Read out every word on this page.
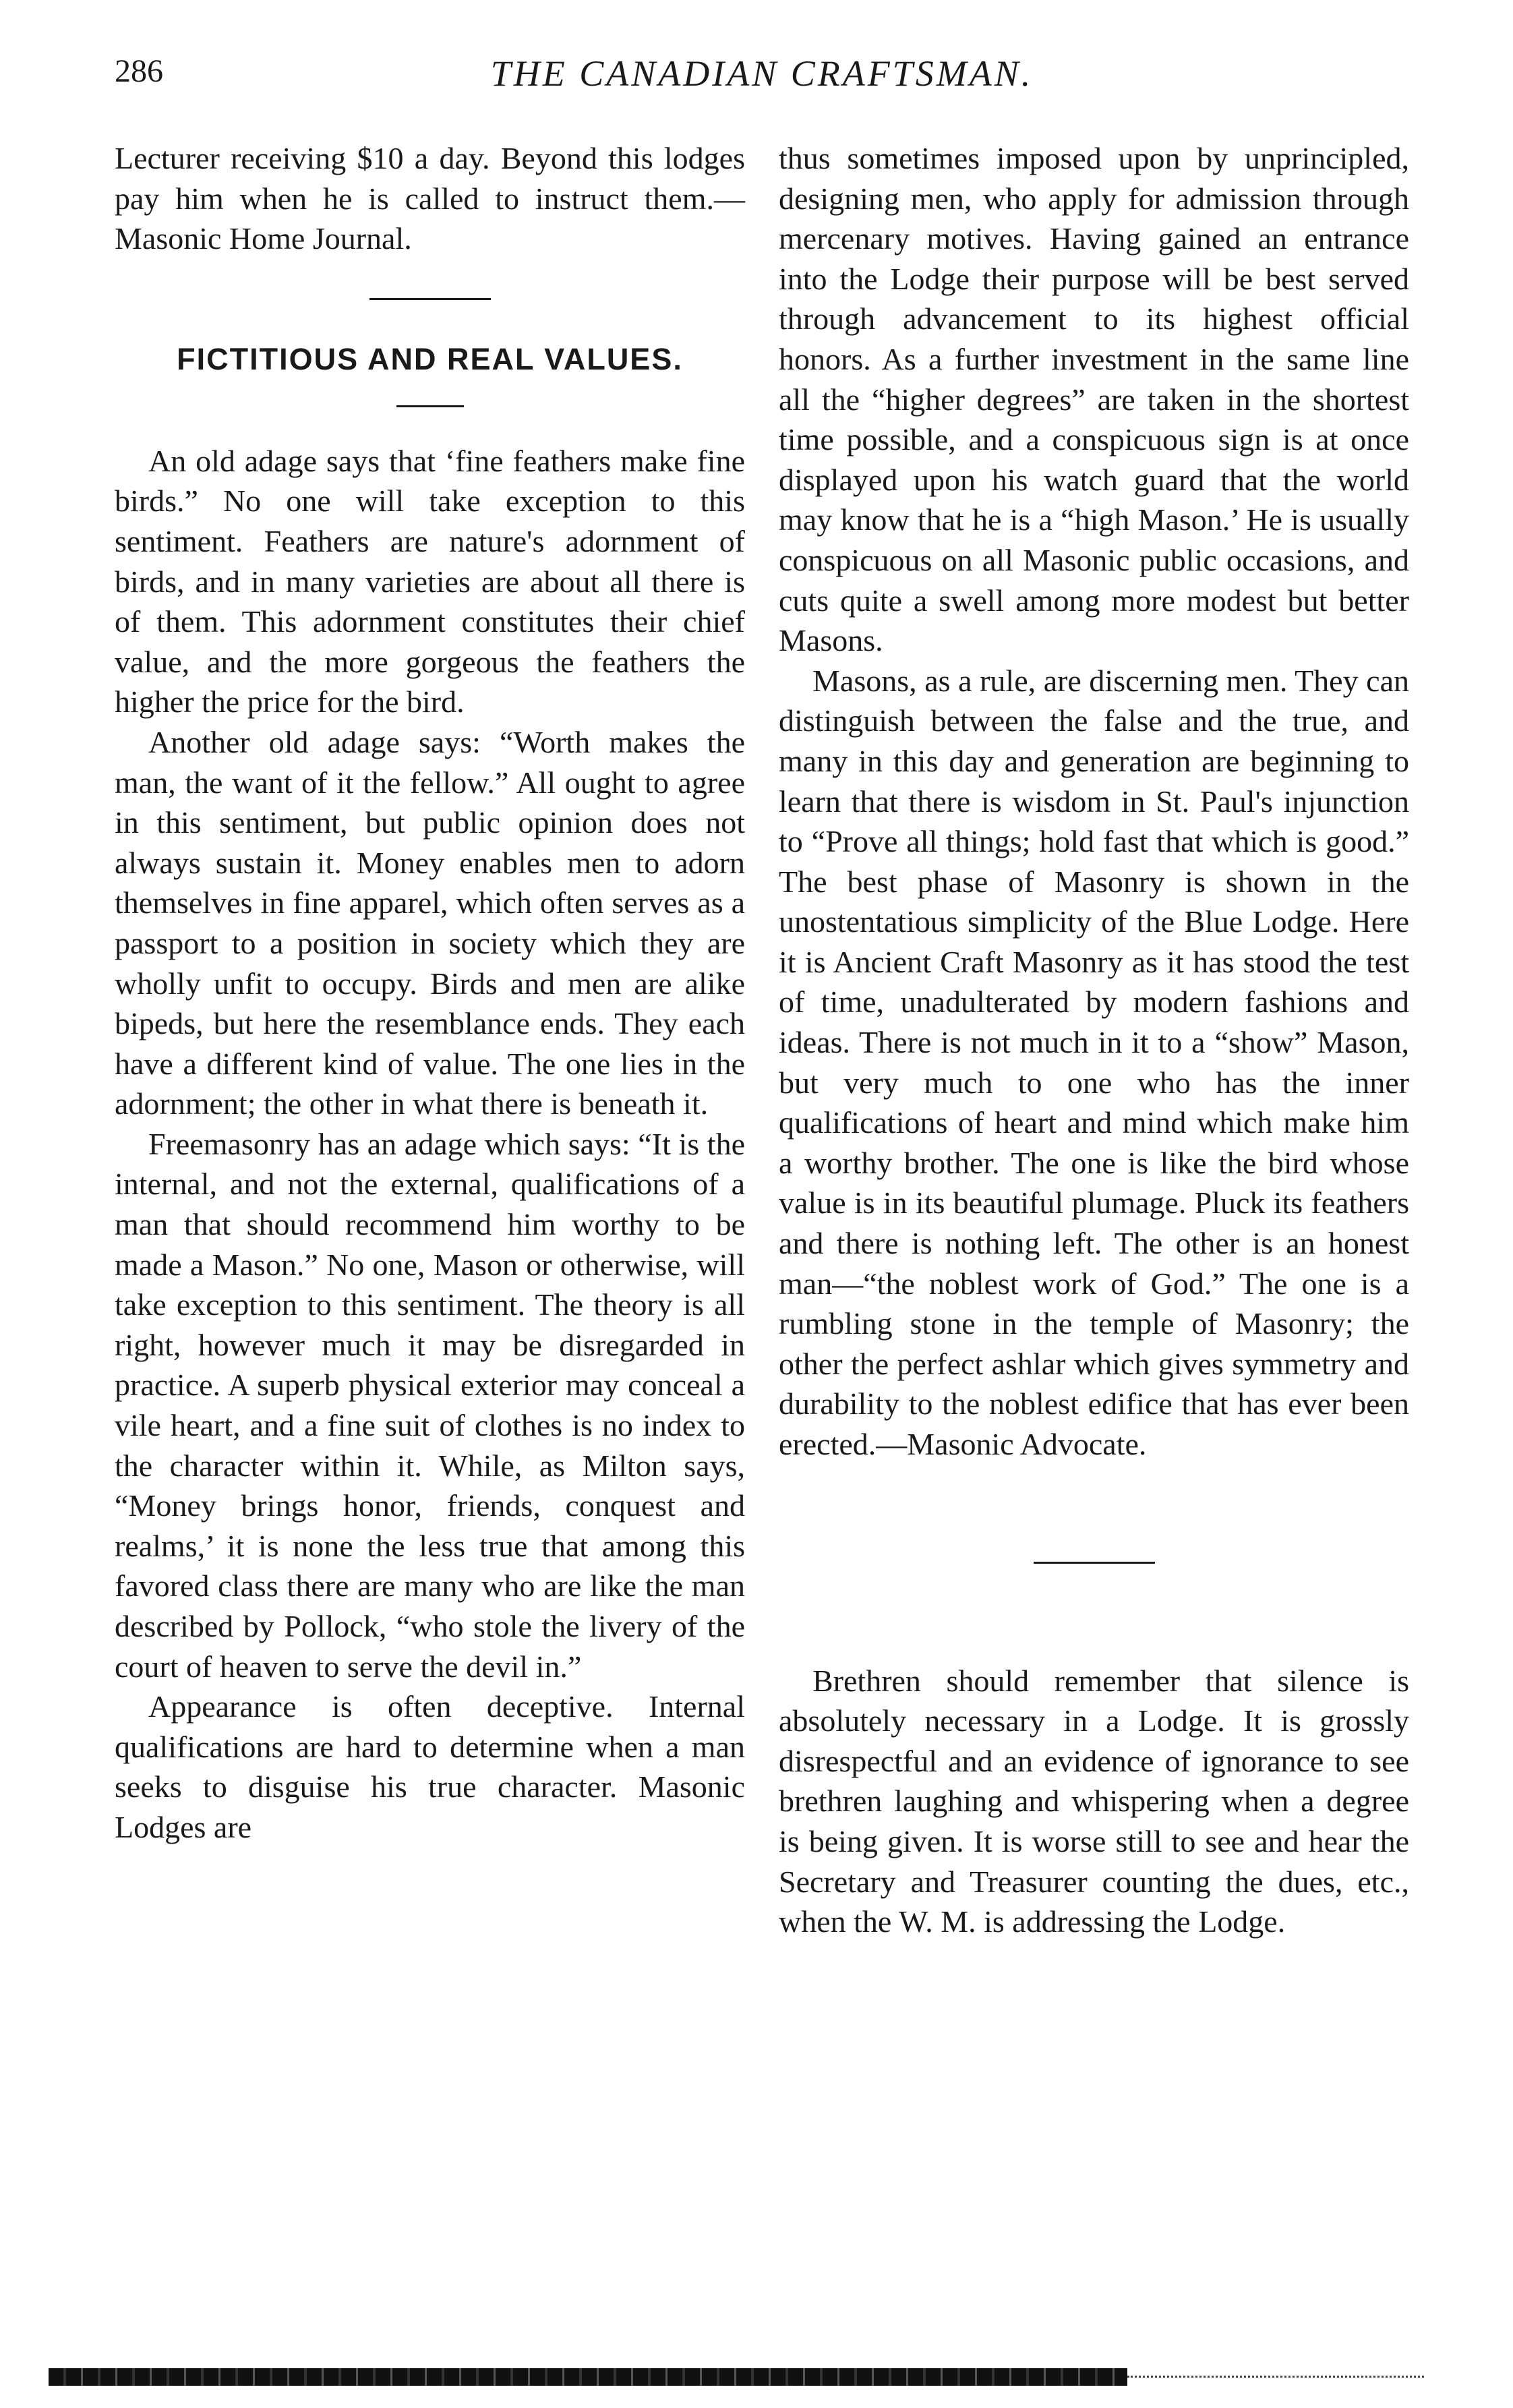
286	THE CANADIAN CRAFTSMAN.

Lecturer receiving $10 a day. Beyond this lodges pay him when he is called to instruct them.—Masonic Home Journal.

FICTITIOUS AND REAL VALUES.

An old adage says that ‘fine feathers make fine birds.” No one will take exception to this sentiment. Feathers are nature's adornment of birds, and in many varieties are about all there is of them. This adornment constitutes their chief value, and the more gorgeous the feathers the higher the price for the bird.

Another old adage says: “Worth makes the man, the want of it the fellow.” All ought to agree in this sentiment, but public opinion does not always sustain it. Money enables men to adorn themselves in fine apparel, which often serves as a passport to a position in society which they are wholly unfit to occupy. Birds and men are alike bipeds, but here the resemblance ends. They each have a different kind of value. The one lies in the adornment; the other in what there is beneath it.

Freemasonry has an adage which says: “It is the internal, and not the external, qualifications of a man that should recommend him worthy to be made a Mason.” No one, Mason or otherwise, will take exception to this sentiment. The theory is all right, however much it may be disregarded in practice. A superb physical exterior may conceal a vile heart, and a fine suit of clothes is no index to the character within it. While, as Milton says, “Money brings honor, friends, conquest and realms,’ it is none the less true that among this favored class there are many who are like the man described by Pollock, “who stole the livery of the court of heaven to serve the devil in.”

Appearance is often deceptive. Internal qualifications are hard to determine when a man seeks to disguise his true character. Masonic Lodges are

thus sometimes imposed upon by unprincipled, designing men, who apply for admission through mercenary motives. Having gained an entrance into the Lodge their purpose will be best served through advancement to its highest official honors. As a further investment in the same line all the “higher degrees” are taken in the shortest time possible, and a conspicuous sign is at once displayed upon his watch guard that the world may know that he is a “high Mason.’ He is usually conspicuous on all Masonic public occasions, and cuts quite a swell among more modest but better Masons.

Masons, as a rule, are discerning men. They can distinguish between the false and the true, and many in this day and generation are beginning to learn that there is wisdom in St. Paul's injunction to “Prove all things; hold fast that which is good.” The best phase of Masonry is shown in the unostentatious simplicity of the Blue Lodge. Here it is Ancient Craft Masonry as it has stood the test of time, unadulterated by modern fashions and ideas. There is not much in it to a “show” Mason, but very much to one who has the inner qualifications of heart and mind which make him a worthy brother. The one is like the bird whose value is in its beautiful plumage. Pluck its feathers and there is nothing left. The other is an honest man—“the noblest work of God.” The one is a rumbling stone in the temple of Masonry; the other the perfect ashlar which gives symmetry and durability to the noblest edifice that has ever been erected.—Masonic Advocate.

Brethren should remember that silence is absolutely necessary in a Lodge. It is grossly disrespectful and an evidence of ignorance to see brethren laughing and whispering when a degree is being given. It is worse still to see and hear the Secretary and Treasurer counting the dues, etc., when the W. M. is addressing the Lodge.
